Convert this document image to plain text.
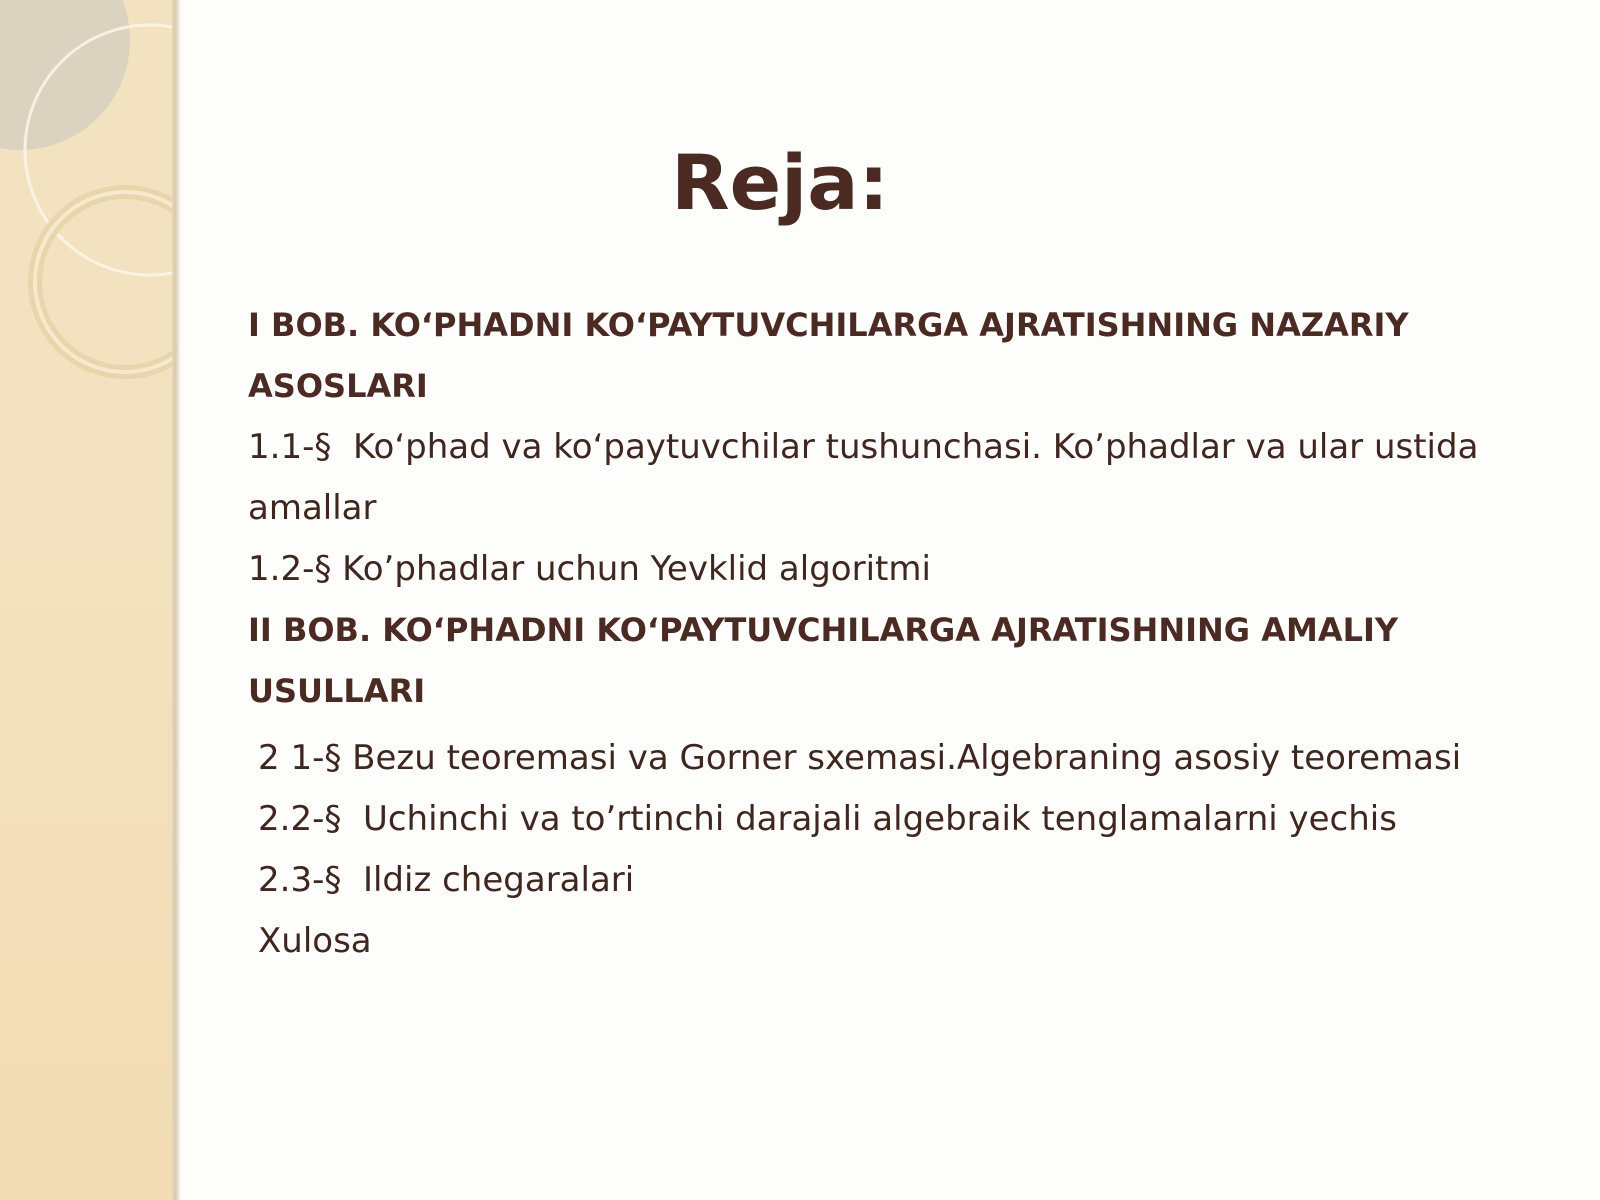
Reja:
I BOB. KO‘PHADNI KO‘PAYTUVCHILARGA AJRATISHNING NAZARIY ASOSLARI
1.1-§  Ko‘phad va ko‘paytuvchilar tushunchasi. Ko’phadlar va ular ustida amallar
1.2-§ Ko’phadlar uchun Yevklid algoritmi
II BOB. KO‘PHADNI KO‘PAYTUVCHILARGA AJRATISHNING AMALIY USULLARI
2 1-§ Bezu teoremasi va Gorner sxemasi.Algebraning asosiy teoremasi
2.2-§  Uchinchi va to’rtinchi darajali algebraik tenglamalarni yechis
2.3-§  Ildiz chegaralari
Xulosa
